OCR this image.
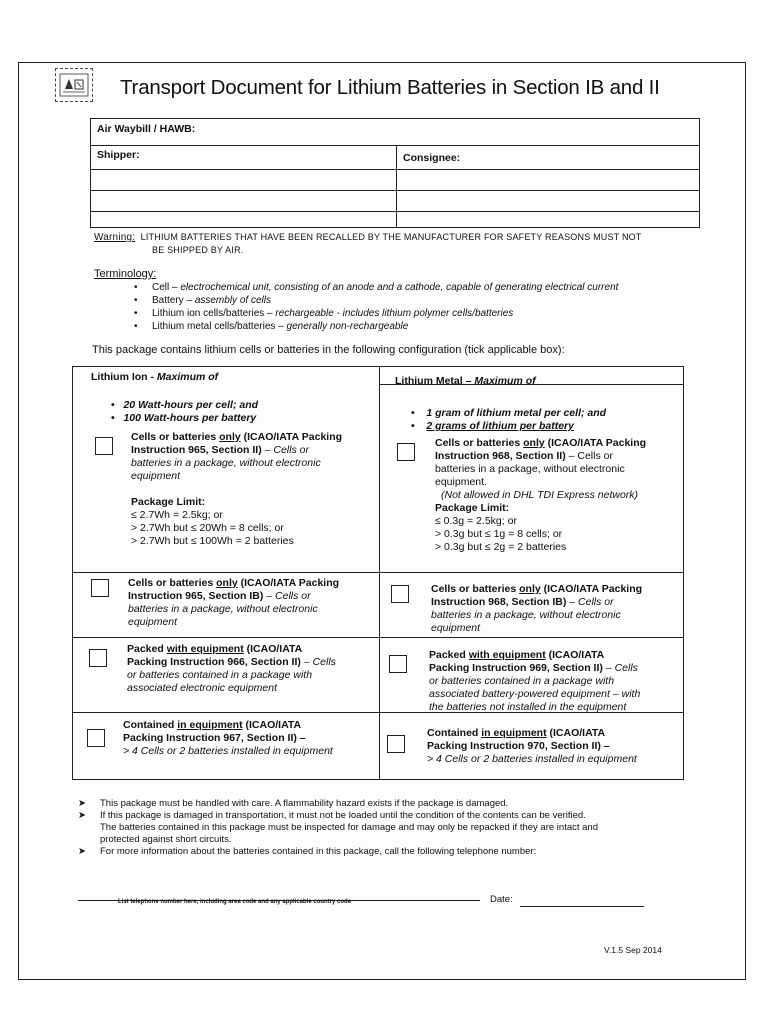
Transport Document for Lithium Batteries in Section IB and II
Air Waybill / HAWB:
Shipper:	Consignee:
Warning: LITHIUM BATTERIES THAT HAVE BEEN RECALLED BY THE MANUFACTURER FOR SAFETY REASONS MUST NOT
BE SHIPPED BY AIR.
Terminology:
• Cell – electrochemical unit, consisting of an anode and a cathode, capable of generating electrical current
• Battery – assembly of cells
• Lithium ion cells/batteries – rechargeable - includes lithium polymer cells/batteries
• Lithium metal cells/batteries – generally non-rechargeable
This package contains lithium cells or batteries in the following configuration (tick applicable box):
Lithium Ion - Maximum of
•   20 Watt-hours per cell; and
•   100 Watt-hours per battery
Lithium Metal – Maximum of
•    1 gram of lithium metal per cell; and
•    2 grams of lithium per battery
Cells or batteries only (ICAO/IATA Packing
Instruction 965, Section II) – Cells or
batteries in a package, without electronic
equipment
Package Limit:
≤ 2.7Wh = 2.5kg; or
> 2.7Wh but ≤ 20Wh = 8 cells; or
> 2.7Wh but ≤ 100Wh = 2 batteries
Cells or batteries only (ICAO/IATA Packing
Instruction 968, Section II) – Cells or
batteries in a package, without electronic
equipment.
(Not allowed in DHL TDI Express network)
Package Limit:
≤ 0.3g = 2.5kg; or
> 0.3g but ≤ 1g = 8 cells; or
> 0.3g but ≤ 2g = 2 batteries
Cells or batteries only (ICAO/IATA Packing
Instruction 965, Section IB) – Cells or
batteries in a package, without electronic
equipment
Cells or batteries only (ICAO/IATA Packing
Instruction 968, Section IB) – Cells or
batteries in a package, without electronic
equipment
Packed with equipment (ICAO/IATA
Packing Instruction 966, Section II) – Cells
or batteries contained in a package with
associated electronic equipment
Packed with equipment (ICAO/IATA
Packing Instruction 969, Section II) – Cells
or batteries contained in a package with
associated battery-powered equipment – with
the batteries not installed in the equipment
Contained in equipment (ICAO/IATA
Packing Instruction 967, Section II) –
> 4 Cells or 2 batteries installed in equipment
Contained in equipment (ICAO/IATA
Packing Instruction 970, Section II) –
> 4 Cells or 2 batteries installed in equipment
➤ This package must be handled with care. A flammability hazard exists if the package is damaged.
➤ If this package is damaged in transportation, it must not be loaded until the condition of the contents can be verified.
The batteries contained in this package must be inspected for damage and may only be repacked if they are intact and
protected against short circuits.
➤ For more information about the batteries contained in this package, call the following telephone number:
List telephone number here, including area code and any applicable country code	Date:
V.1.5 Sep 2014
